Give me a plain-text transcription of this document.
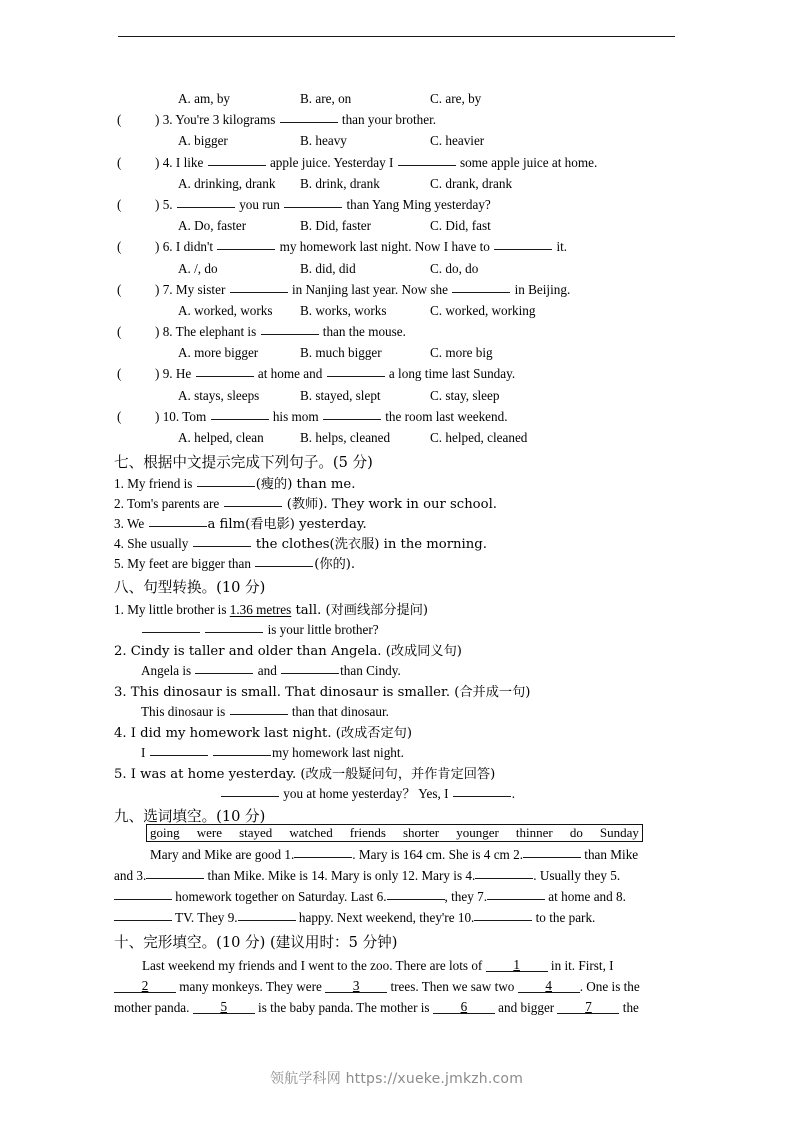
A. am, by	B. are, on	C. are, by
(	) 3. You're 3 kilograms	than your brother.
A. bigger	B. heavy	C. heavier
(	) 4. I like	apple juice. Yesterday I	some apple juice at home.
A. drinking, drank B. drink, drank	C. drank, drank
(	) 5.	you run	than Yang Ming yesterday?
A. Do, faster	B. Did, faster	C. Did, fast
(	) 6. I didn't	my homework last night. Now I have to	it.
A. /, do	B. did, did	C. do, do
(	) 7. My sister	in Nanjing last year. Now she	in Beijing.
A. worked, works B. works, works	C. worked, working
(	) 8. The elephant is	than the mouse.
A. more bigger	B. much bigger	C. more big
(	) 9. He	at home and	a long time last Sunday.
A. stays, sleeps	B. stayed, slept	C. stay, sleep
(	) 10. Tom	his mom	the room last weekend.
A. helped, clean	B. helps, cleaned	C. helped, cleaned
七、根据中文提示完成下列句子。(5 分)
1. My friend is	(瘦的) than me.
2. Tom's parents are	(教师). They work in our school.
3. We	a film(看电影) yesterday.
4. She usually	the clothes(洗衣服) in the morning.
5. My feet are bigger than	(你的).
八、句型转换。(10 分)
1. My little brother is 1.36 metres tall. (对画线部分提问)
is your little brother?
2. Cindy is taller and older than Angela. (改成同义句)
Angela is	and	than Cindy.
3. This dinosaur is small. That dinosaur is smaller. (合并成一句)
This dinosaur is	than that dinosaur.
4. I did my homework last night. (改成否定句)
I	my homework last night.
5. I was at home yesterday. (改成一般疑问句，并作肯定回答)
you at home yesterday？ Yes, I	.
九、选词填空。(10 分)
going were stayed watched friends shorter younger thinner do Sunday
Mary and Mike are good 1.	. Mary is 164 cm. She is 4 cm 2.	than Mike
and 3.	than Mike. Mike is 14. Mary is only 12. Mary is 4.	. Usually they 5.
homework together on Saturday. Last 6.	, they 7.	at home and 8.
TV. They 9.	happy. Next weekend, they're 10.	to the park.
十、完形填空。(10 分) (建议用时：5 分钟)
Last weekend my friends and I went to the zoo. There are lots of 1 in it. First, I
2 many monkeys. They were 3 trees. Then we saw two 4 . One is the
mother panda. 5 is the baby panda. The mother is 6 and bigger 7 the
领航学科网 https://xueke.jmkzh.com
